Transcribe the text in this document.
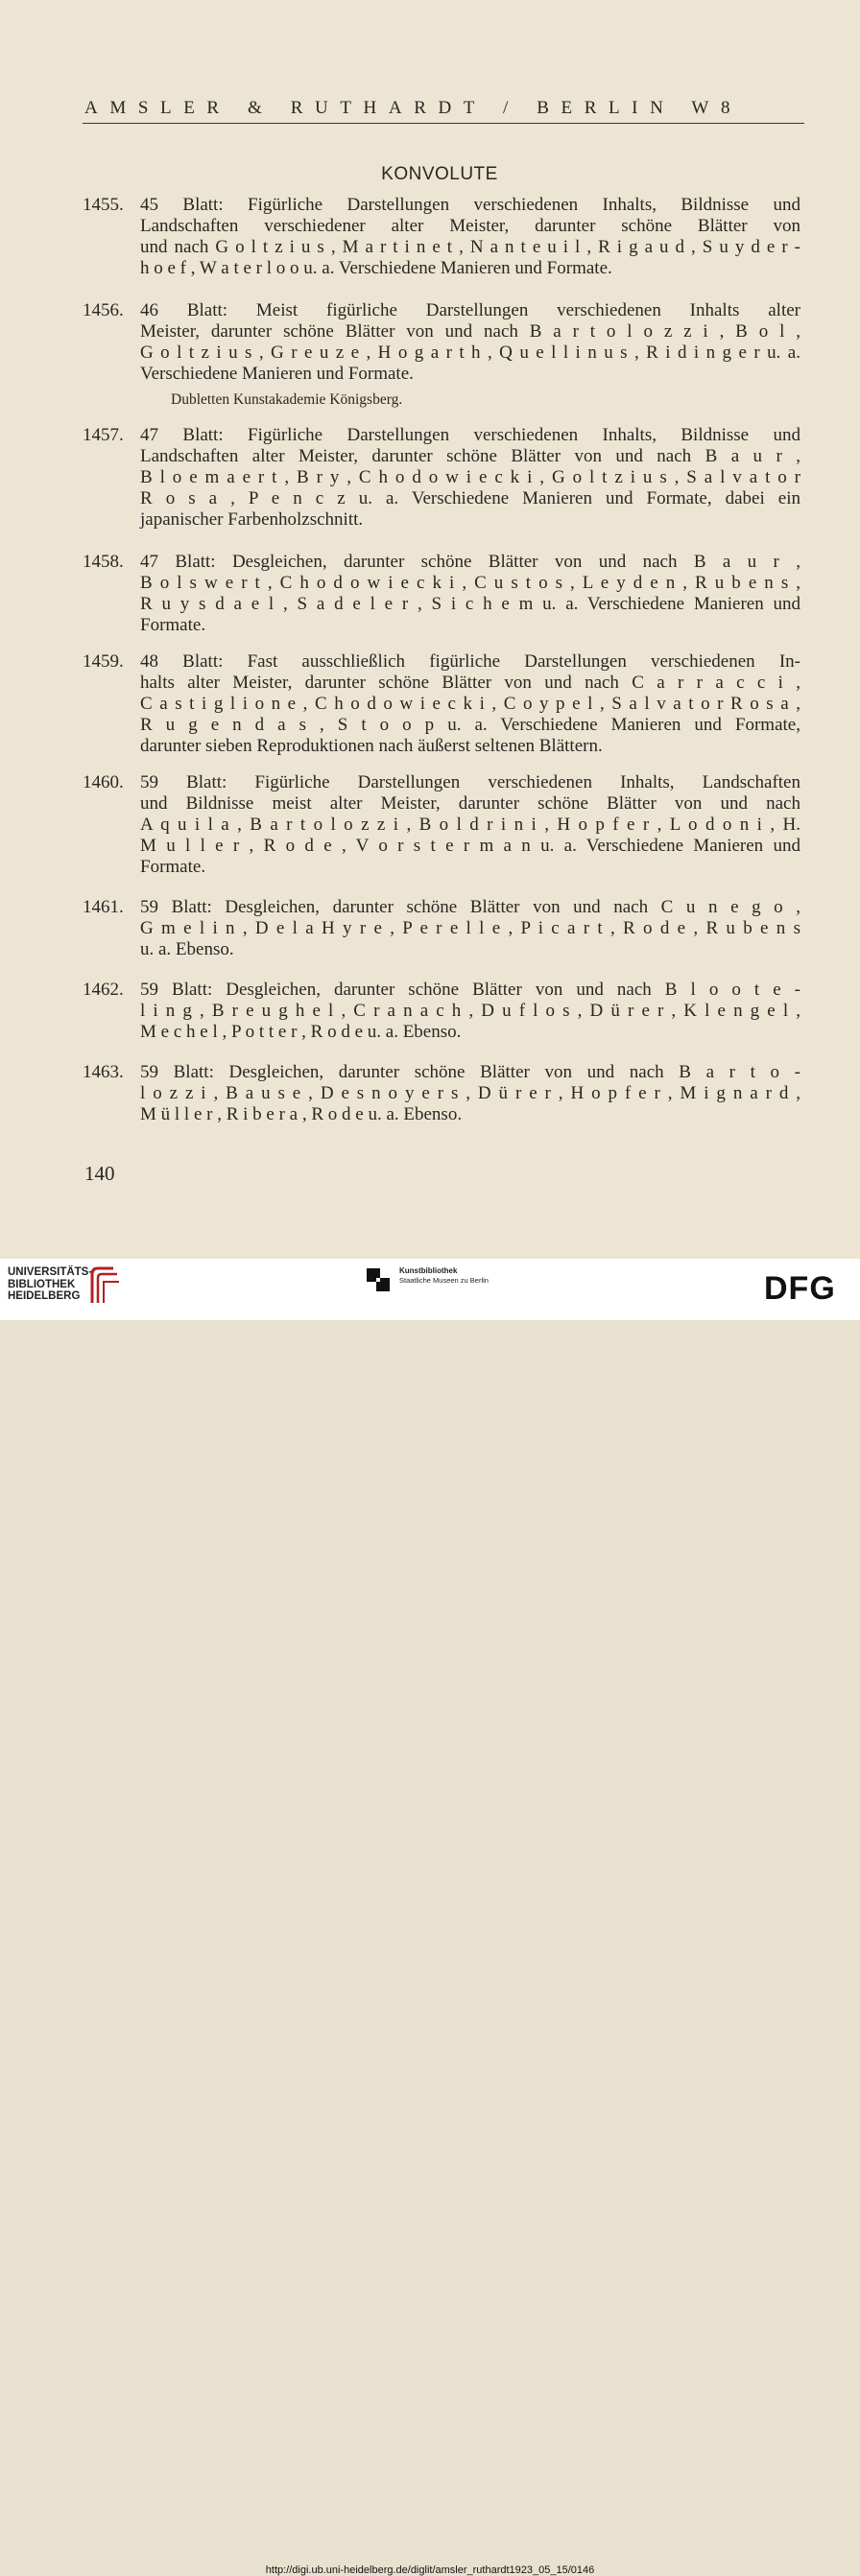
AMSLER & RUTHARDT / BERLIN W8
KONVOLUTE
1455. 45 Blatt: Figürliche Darstellungen verschiedenen Inhalts, Bildnisse und
Landschaften verschiedener alter Meister, darunter schöne Blätter von
und nach G o l t z i u s , M a r t i n e t , N a n t e u i l , R i g a u d , S u y d e r -
h o e f , W a t e r l o o u. a. Verschiedene Manieren und Formate.
1456. 46 Blatt: Meist figürliche Darstellungen verschiedenen Inhalts alter
Meister, darunter schöne Blätter von und nach B a r t o l o z z i , B o l ,
G o l t z i u s , G r e u z e , H o g a r t h , Q u e l l i n u s , R i d i n g e r u. a.
Verschiedene Manieren und Formate.
Dubletten Kunstakademie Königsberg.
1457. 47 Blatt: Figürliche Darstellungen verschiedenen Inhalts, Bildnisse und
Landschaften alter Meister, darunter schöne Blätter von und nach B a u r ,
B l o e m a e r t , B r y , C h o d o w i e c k i , G o l t z i u s , S a l v a t o r
R o s a , P e n c z u. a. Verschiedene Manieren und Formate, dabei ein
japanischer Farbenholzschnitt.
1458. 47 Blatt: Desgleichen, darunter schöne Blätter von und nach B a u r ,
B o l s w e r t , C h o d o w i e c k i , C u s t o s , L e y d e n , R u b e n s ,
R u y s d a e l , S a d e l e r , S i c h e m u. a. Verschiedene Manieren und
Formate.
1459. 48 Blatt: Fast ausschließlich figürliche Darstellungen verschiedenen In-
halts alter Meister, darunter schöne Blätter von und nach C a r r a c c i ,
C a s t i g l i o n e , C h o d o w i e c k i , C o y p e l , S a l v a t o r R o s a ,
R u g e n d a s , S t o o p u. a. Verschiedene Manieren und Formate,
darunter sieben Reproduktionen nach äußerst seltenen Blättern.
1460. 59 Blatt: Figürliche Darstellungen verschiedenen Inhalts, Landschaften
und Bildnisse meist alter Meister, darunter schöne Blätter von und nach
A q u i l a , B a r t o l o z z i , B o l d r i n i , H o p f e r , L o d o n i , H.
M u l l e r , R o d e , V o r s t e r m a n u. a. Verschiedene Manieren und
Formate.
1461. 59 Blatt: Desgleichen, darunter schöne Blätter von und nach C u n e g o ,
G m e l i n , D e l a H y r e , P e r e l l e , P i c a r t , R o d e , R u b e n s
u. a. Ebenso.
1462. 59 Blatt: Desgleichen, darunter schöne Blätter von und nach B l o o t e -
l i n g , B r e u g h e l , C r a n a c h , D u f l o s , D ü r e r , K l e n g e l ,
M e c h e l , P o t t e r , R o d e u. a. Ebenso.
1463. 59 Blatt: Desgleichen, darunter schöne Blätter von und nach B a r t o -
l o z z i , B a u s e , D e s n o y e r s , D ü r e r , H o p f e r , M i g n a r d ,
M ü l l e r , R i b e r a , R o d e u. a. Ebenso.
140
UNIVERSITÄTS-
BIBLIOTHEK
HEIDELBERG
Kunstbibliothek
Staatliche Museen zu Berlin	DFG
http://digi.ub.uni-heidelberg.de/diglit/amsler_ruthardt1923_05_15/0146
